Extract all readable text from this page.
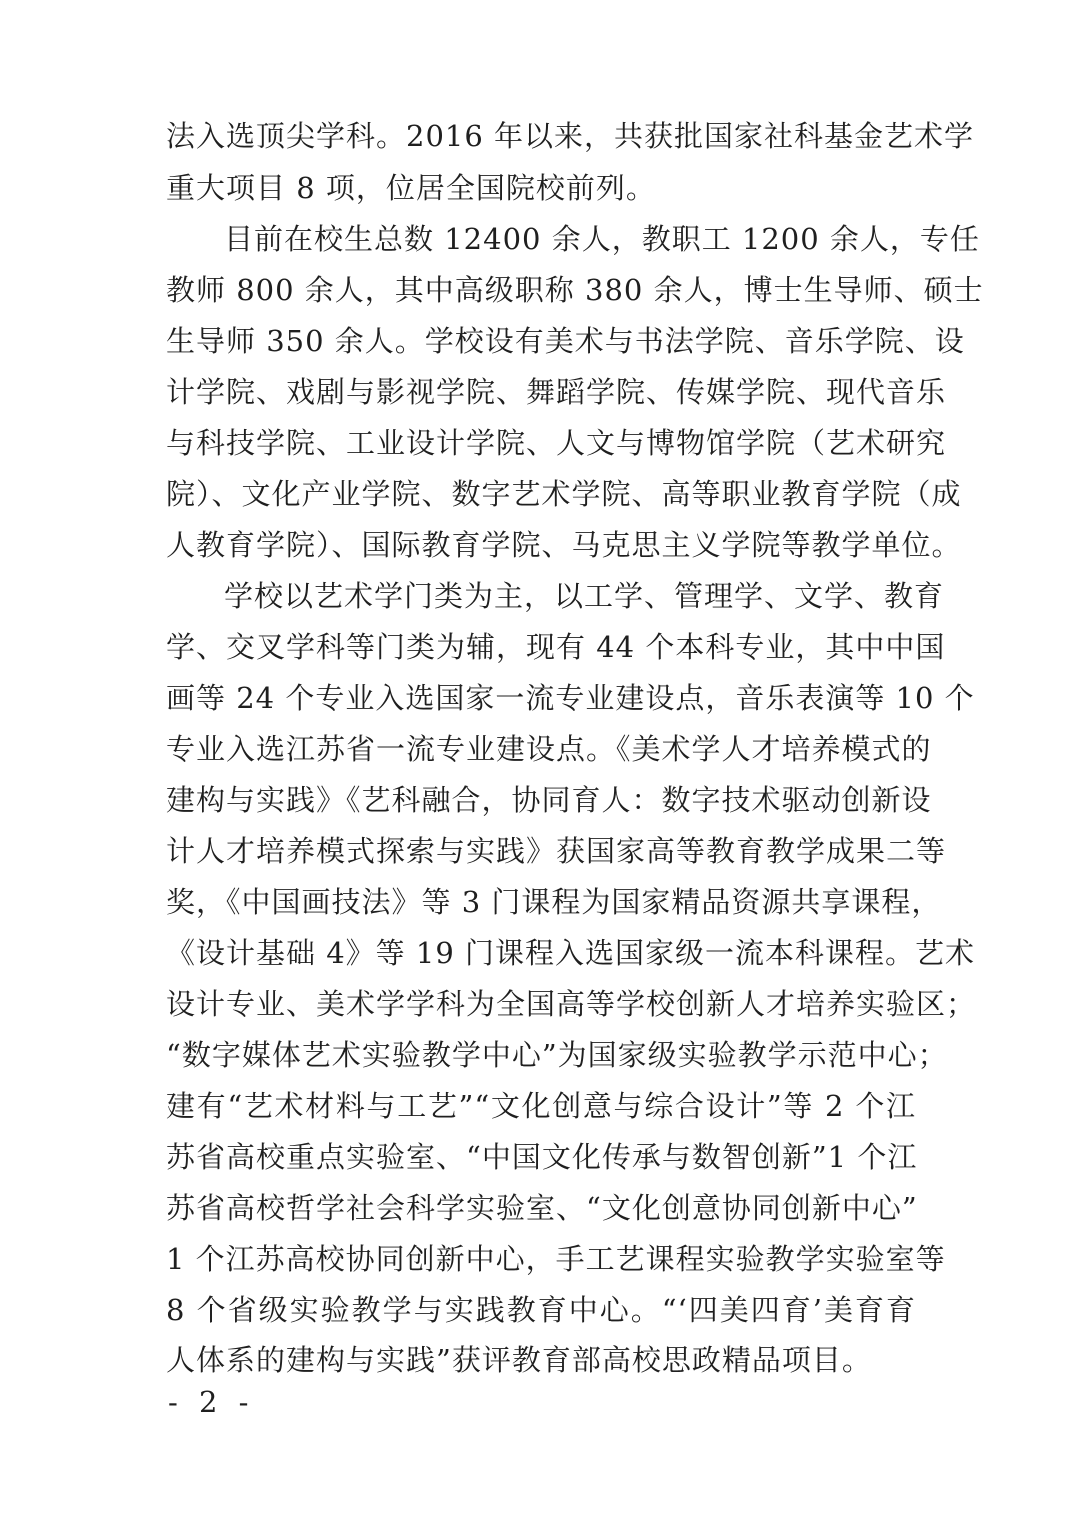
法入选顶尖学科。2016 年以来，共获批国家社科基金艺术学
重大项目 8 项，位居全国院校前列。
目前在校生总数 12400 余人，教职工 1200 余人，专任
教师 800 余人，其中高级职称 380 余人，博士生导师、硕士
生导师 350 余人。学校设有美术与书法学院、音乐学院、设
计学院、戏剧与影视学院、舞蹈学院、传媒学院、现代音乐
与科技学院、工业设计学院、人文与博物馆学院（艺术研究
院）、文化产业学院、数字艺术学院、高等职业教育学院（成
人教育学院）、国际教育学院、马克思主义学院等教学单位。
学校以艺术学门类为主，以工学、管理学、文学、教育
学、交叉学科等门类为辅，现有 44 个本科专业，其中中国
画等 24 个专业入选国家一流专业建设点，音乐表演等 10 个
专业入选江苏省一流专业建设点。《美术学人才培养模式的
建构与实践》《艺科融合，协同育人：数字技术驱动创新设
计人才培养模式探索与实践》获国家高等教育教学成果二等
奖，《中国画技法》等 3 门课程为国家精品资源共享课程，
《设计基础 4》等 19 门课程入选国家级一流本科课程。艺术
设计专业、美术学学科为全国高等学校创新人才培养实验区；
“数字媒体艺术实验教学中心”为国家级实验教学示范中心；
建有“艺术材料与工艺”“文化创意与综合设计”等 2 个江
苏省高校重点实验室、“中国文化传承与数智创新”1 个江
苏省高校哲学社会科学实验室、“文化创意协同创新中心”
1 个江苏高校协同创新中心，手工艺课程实验教学实验室等
8 个省级实验教学与实践教育中心。“‘四美四育’美育育
人体系的建构与实践”获评教育部高校思政精品项目。
- 2 -
